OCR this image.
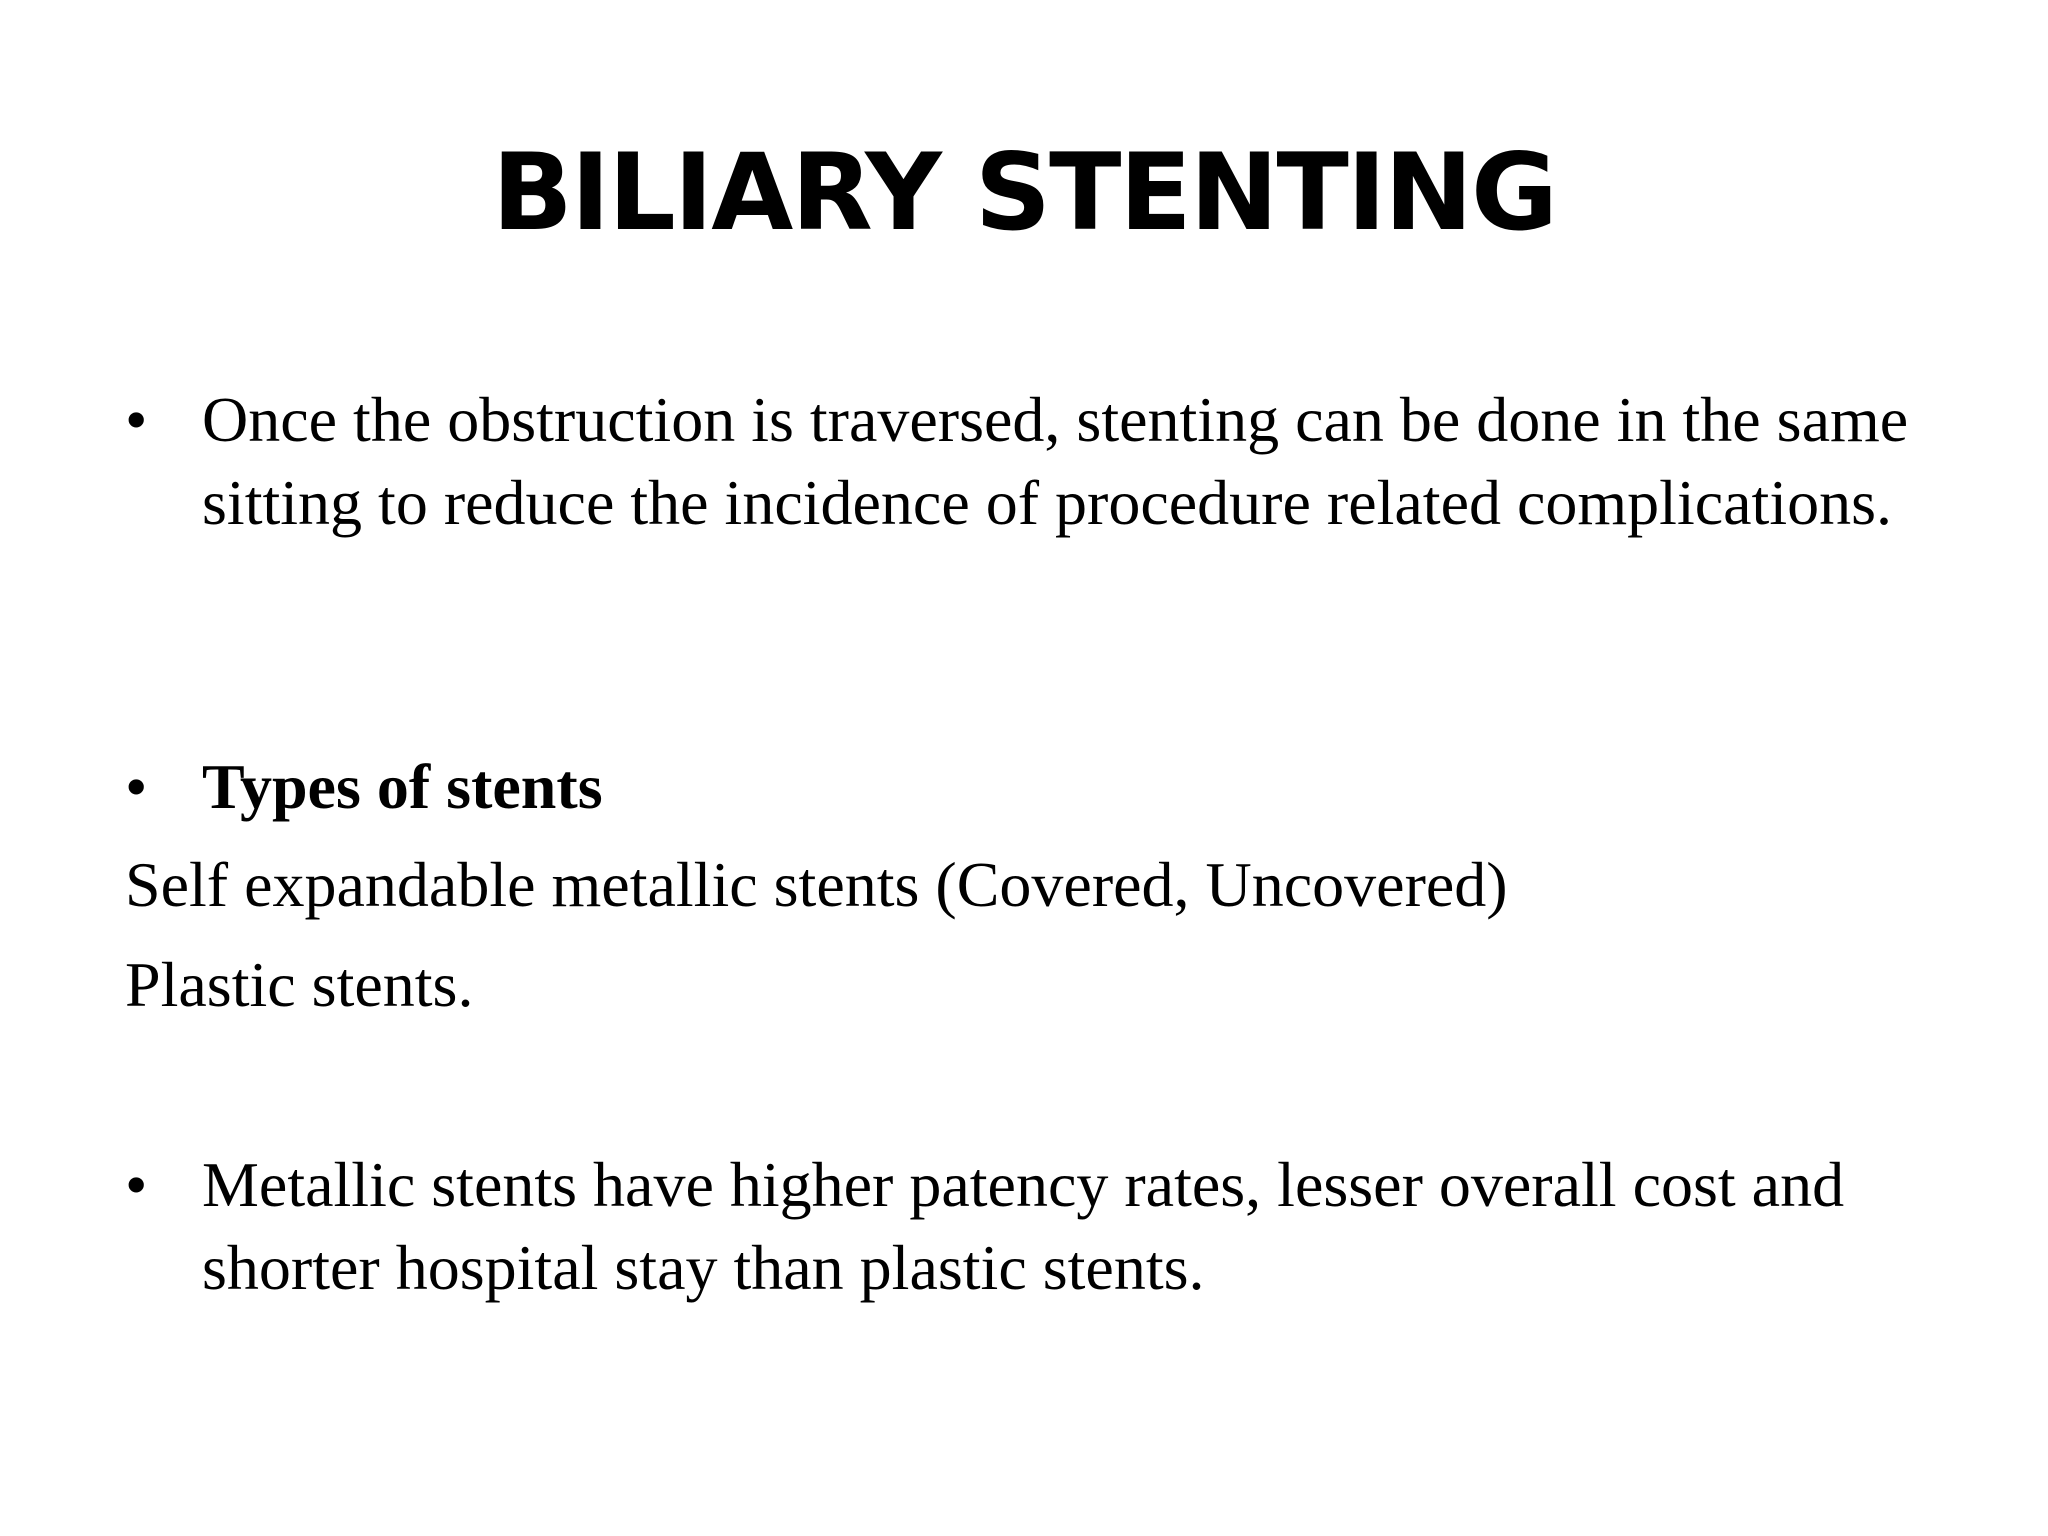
BILIARY STENTING
• Once the obstruction is traversed, stenting can be done in the same sitting to reduce the incidence of procedure related complications.
• Types of stents
Self expandable metallic stents (Covered, Uncovered)
Plastic stents.
• Metallic stents have higher patency rates, lesser overall cost and shorter hospital stay than plastic stents.
